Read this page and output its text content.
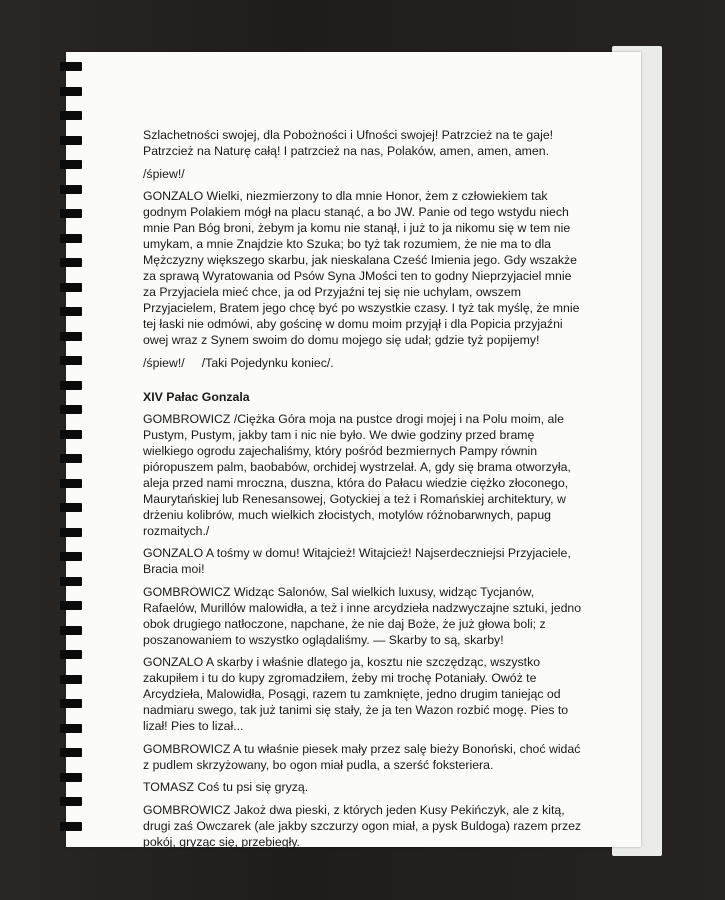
Szlachetności swojej, dla Pobożności i Ufności swojej! Patrzcież na te gaje! Patrzcież na Naturę całą! I patrzcież na nas, Polaków, amen, amen, amen.

/śpiew!/

GONZALO Wielki, niezmierzony to dla mnie Honor, żem z człowiekiem tak godnym Polakiem mógł na placu stanąć, a bo JW. Panie od tego wstydu niech mnie Pan Bóg broni, żebym ja komu nie stanął, i już to ja nikomu się w tem nie umykam, a mnie Znajdzie kto Szuka; bo tyż tak rozumiem, że nie ma to dla Mężczyzny większego skarbu, jak nieskalana Cześć Imienia jego. Gdy wszakże za sprawą Wyratowania od Psów Syna JMości ten to godny Nieprzyjaciel mnie za Przyjaciela mieć chce, ja od Przyjaźni tej się nie uchylam, owszem Przyjacielem, Bratem jego chcę być po wszystkie czasy. I tyż tak myślę, że mnie tej łaski nie odmówi, aby gościnę w domu moim przyjął i dla Popicia przyjaźni owej wraz z Synem swoim do domu mojego się udał; gdzie tyż popijemy!

/śpiew!/     /Taki Pojedynku koniec/.

XIV Pałac Gonzala

GOMBROWICZ /Ciężka Góra moja na pustce drogi mojej i na Polu moim, ale Pustym, Pustym, jakby tam i nic nie było. We dwie godziny przed bramę wielkiego ogrodu zajechaliśmy, który pośród bezmiernych Pampy równin pióropuszem palm, baobabów, orchidej wystrzelał. A, gdy się brama otworzyła, aleja przed nami mroczna, duszna, która do Pałacu wiedzie ciężko złoconego, Maurytańskiej lub Renesansowej, Gotyckiej a też i Romańskiej architektury, w drżeniu kolibrów, much wielkich złocistych, motylów różnobarwnych, papug rozmaitych./

GONZALO A tośmy w domu! Witajcież! Witajcież! Najserdeczniejsi Przyjaciele, Bracia moi!

GOMBROWICZ Widząc Salonów, Sal wielkich luxusy, widząc Tycjanów, Rafaelów, Murillów malowidła, a też i inne arcydzieła nadzwyczajne sztuki, jedno obok drugiego natłoczone, napchane, że nie daj Boże, że już głowa boli; z poszanowaniem to wszystko oglądaliśmy. — Skarby to są, skarby!

GONZALO A skarby i właśnie dlatego ja, kosztu nie szczędząc, wszystko zakupiłem i tu do kupy zgromadziłem, żeby mi trochę Potaniały. Owóż te Arcydzieła, Malowidła, Posągi, razem tu zamknięte, jedno drugim taniejąc od nadmiaru swego, tak już tanimi się stały, że ja ten Wazon rozbić mogę. Pies to lizał! Pies to lizał...

GOMBROWICZ A tu właśnie piesek mały przez salę bieży Bonoński, choć widać z pudlem skrzyżowany, bo ogon miał pudla, a szerść foksteriera.

TOMASZ Coś tu psi się gryzą.

GOMBROWICZ Jakoż dwa pieski, z których jeden Kusy Pekińczyk, ale z kitą, drugi zaś Owczarek (ale jakby szczurzy ogon miał, a pysk Buldoga) razem przez pokój, gryząc się, przebiegły.
